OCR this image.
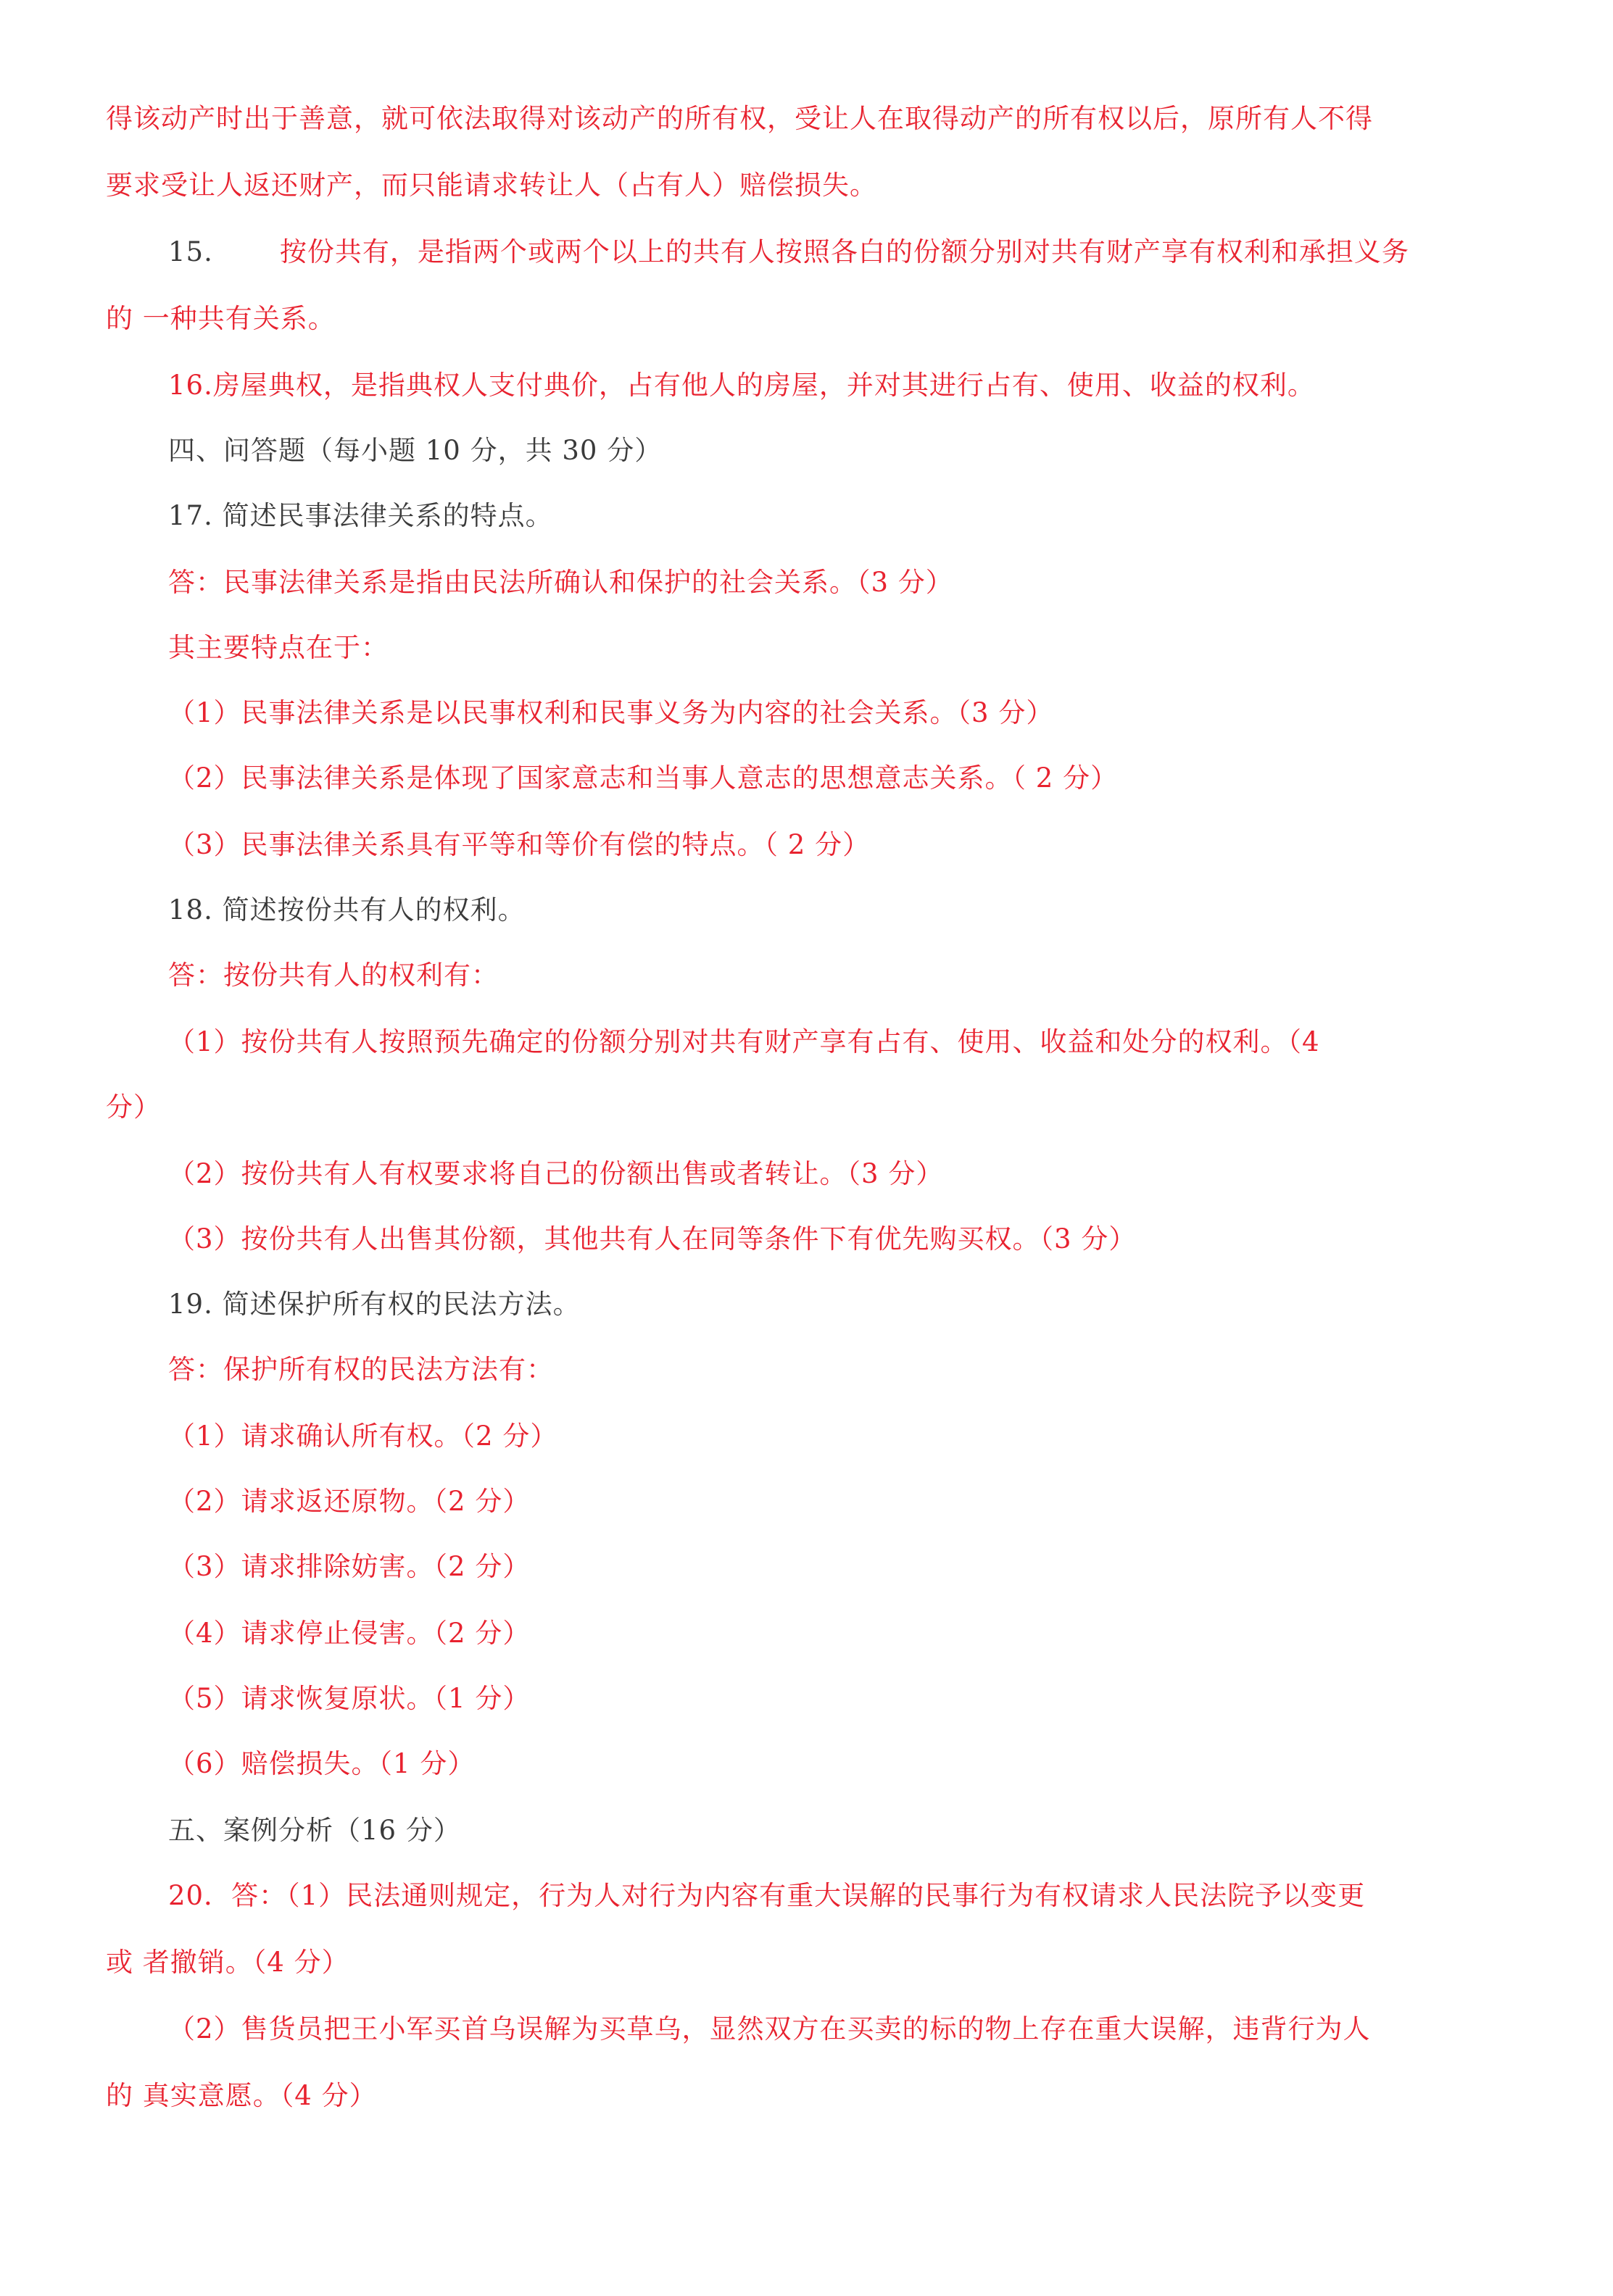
得该动产时出于善意，就可依法取得对该动产的所有权，受让人在取得动产的所有权以后，原所有人不得
要求受让人返还财产，而只能请求转让人（占有人）赔偿损失。
15. 按份共有，是指两个或两个以上的共有人按照各白的份额分别对共有财产享有权利和承担义务
的 一种共有关系。
16.房屋典权，是指典权人支付典价，占有他人的房屋，并对其进行占有、使用、收益的权利。
四、问答题（每小题 10 分，共 30 分）
17. 简述民事法律关系的特点。
答：民事法律关系是指由民法所确认和保护的社会关系。（3 分）
其主要特点在于：
（1）民事法律关系是以民事权利和民事义务为内容的社会关系。（3 分）
（2）民事法律关系是体现了国家意志和当事人意志的思想意志关系。（ 2 分）
（3）民事法律关系具有平等和等价有偿的特点。（ 2 分）
18. 简述按份共有人的权利。
答：按份共有人的权利有：
（1）按份共有人按照预先确定的份额分别对共有财产享有占有、使用、收益和处分的权利。（4
分）
（2）按份共有人有权要求将自己的份额出售或者转让。（3 分）
（3）按份共有人出售其份额，其他共有人在同等条件下有优先购买权。（3 分）
19. 简述保护所有权的民法方法。
答：保护所有权的民法方法有：
（1）请求确认所有权。（2 分）
（2）请求返还原物。（2 分）
（3）请求排除妨害。（2 分）
（4）请求停止侵害。（2 分）
（5）请求恢复原状。（1 分）
（6）赔偿损失。（1 分）
五、案例分析（16 分）
20．答：（1）民法通则规定，行为人对行为内容有重大误解的民事行为有权请求人民法院予以变更
或 者撤销。（4 分）
（2）售货员把王小军买首乌误解为买草乌，显然双方在买卖的标的物上存在重大误解，违背行为人
的 真实意愿。（4 分）
